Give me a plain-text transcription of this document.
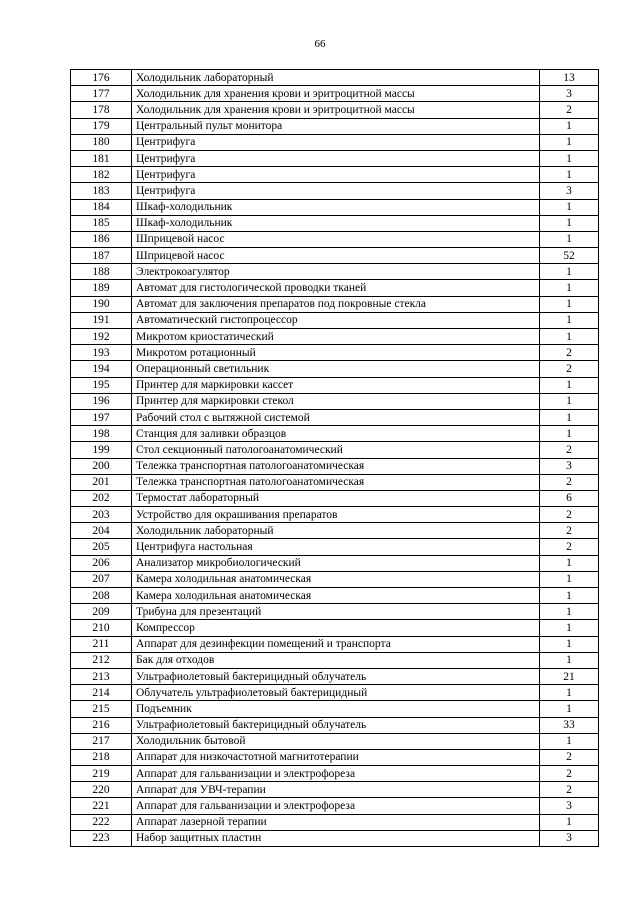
66
176	Холодильник лабораторный	13
177	Холодильник для хранения крови и эритроцитной массы	3
178	Холодильник для хранения крови и эритроцитной массы	2
179	Центральный пульт монитора	1
180	Центрифуга	1
181	Центрифуга	1
182	Центрифуга	1
183	Центрифуга	3
184	Шкаф-холодильник	1
185	Шкаф-холодильник	1
186	Шприцевой насос	1
187	Шприцевой насос	52
188	Электрокоагулятор	1
189	Автомат для гистологической проводки тканей	1
190	Автомат для заключения препаратов под покровные стекла	1
191	Автоматический гистопроцессор	1
192	Микротом криостатический	1
193	Микротом ротационный	2
194	Операционный светильник	2
195	Принтер для маркировки кассет	1
196	Принтер для маркировки стекол	1
197	Рабочий стол с вытяжной системой	1
198	Станция для заливки образцов	1
199	Стол секционный патологоанатомический	2
200	Тележка транспортная патологоанатомическая	3
201	Тележка транспортная патологоанатомическая	2
202	Термостат лабораторный	6
203	Устройство для окрашивания препаратов	2
204	Холодильник лабораторный	2
205	Центрифуга настольная	2
206	Анализатор микробиологический	1
207	Камера холодильная анатомическая	1
208	Камера холодильная анатомическая	1
209	Трибуна для презентаций	1
210	Компрессор	1
211	Аппарат для дезинфекции помещений и транспорта	1
212	Бак для отходов	1
213	Ультрафиолетовый бактерицидный облучатель	21
214	Облучатель ультрафиолетовый бактерицидный	1
215	Подъемник	1
216	Ультрафиолетовый бактерицидный облучатель	33
217	Холодильник бытовой	1
218	Аппарат для низкочастотной магнитотерапии	2
219	Аппарат для гальванизации и электрофореза	2
220	Аппарат для УВЧ-терапии	2
221	Аппарат для гальванизации и электрофореза	3
222	Аппарат лазерной терапии	1
223	Набор защитных пластин	3
